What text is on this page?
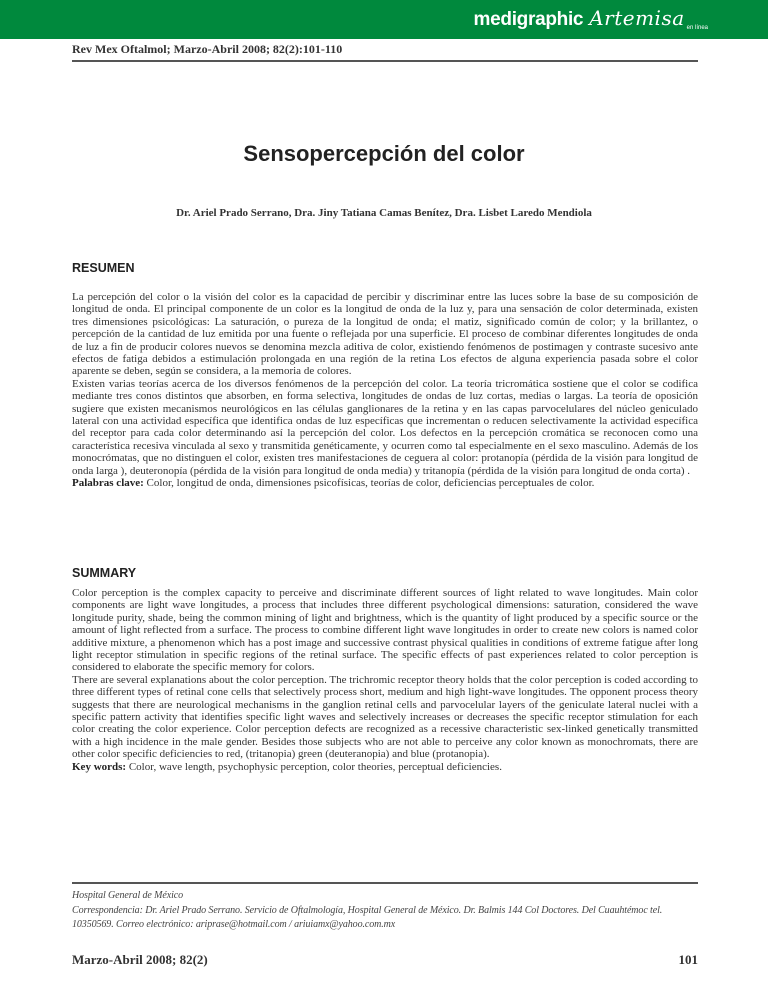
medigraphic Artemisa en línea
Rev Mex Oftalmol; Marzo-Abril 2008; 82(2):101-110
Sensopercepción del color
Dr. Ariel Prado Serrano, Dra. Jiny Tatiana Camas Benítez, Dra. Lisbet Laredo Mendiola
RESUMEN

La percepción del color o la visión del color es la capacidad de percibir y discriminar entre las luces sobre la base de su composición de longitud de onda. El principal componente de un color es la longitud de onda de la luz y, para una sensación de color determinada, existen tres dimensiones psicológicas: La saturación, o pureza de la longitud de onda; el matiz, significado común de color; y la brillantez, o percepción de la cantidad de luz emitida por una fuente o reflejada por una superficie. El proceso de combinar diferentes longitudes de onda de luz a fin de producir colores nuevos se denomina mezcla aditiva de color, existiendo fenómenos de postimagen y contraste sucesivo ante efectos de fatiga debidos a estimulación prolongada en una región de la retina Los efectos de alguna experiencia pasada sobre el color aparente se deben, según se considera, a la memoria de colores.

Existen varias teorías acerca de los diversos fenómenos de la percepción del color. La teoría tricromática sostiene que el color se codifica mediante tres conos distintos que absorben, en forma selectiva, longitudes de ondas de luz cortas, medias o largas. La teoría de oposición sugiere que existen mecanismos neurológicos en las células ganglionares de la retina y en las capas parvocelulares del núcleo geniculado lateral con una actividad específica que identifica ondas de luz específicas que incrementan o reducen selectivamente la actividad específica del receptor para cada color determinando así la percepción del color. Los defectos en la percepción cromática se reconocen como una característica recesiva vinculada al sexo y transmitida genéticamente, y ocurren como tal especialmente en el sexo masculino. Además de los monocrómatas, que no distinguen el color, existen tres manifestaciones de ceguera al color: protanopía (pérdida de la visión para longitud de onda larga ), deuteronopía (pérdida de la visión para longitud de onda media) y tritanopía (pérdida de la visión para longitud de onda corta) .

Palabras clave: Color, longitud de onda, dimensiones psicofísicas, teorías de color, deficiencias perceptuales de color.

SUMMARY

Color perception is the complex capacity to perceive and discriminate different sources of light related to wave longitudes. Main color components are light wave longitudes, a process that includes three different psychological dimensions: saturation, considered the wave longitude purity, shade, being the common mining of light and brightness, which is the quantity of light produced by a specific source or the amount of light reflected from a surface. The process to combine different light wave longitudes in order to create new colors is named color additive mixture, a phenomenon which has a post image and successive contrast physical qualities in conditions of extreme fatigue after long light receptor stimulation in specific regions of the retinal surface. The specific effects of past experiences related to color perception is considered to elaborate the specific memory for colors.

There are several explanations about the color perception. The trichromic receptor theory holds that the color perception is coded according to three different types of retinal cone cells that selectively process short, medium and high light-wave longitudes. The opponent process theory suggests that there are neurological mechanisms in the ganglion retinal cells and parvocelular layers of the geniculate lateral nuclei with a specific pattern activity that identifies specific light waves and selectively increases or decreases the specific receptor stimulation for each color creating the color experience. Color perception defects are recognized as a recessive characteristic sex-linked genetically transmitted with a high incidence in the male gender. Besides those subjects who are not able to perceive any color known as monochromats, there are other color specific deficiencies to red, (tritanopia) green (deuteranopia) and blue (protanopia).

Key words: Color, wave length, psychophysic perception, color theories, perceptual deficiencies.

Hospital General de México
Correspondencia: Dr. Ariel Prado Serrano. Servicio de Oftalmología, Hospital General de México. Dr. Balmis 144 Col Doctores. Del Cuauhtémoc tel. 10350569. Correo electrónico: ariprase@hotmail.com / ariuiamx@yahoo.com.mx
Marzo-Abril 2008; 82(2)	101
